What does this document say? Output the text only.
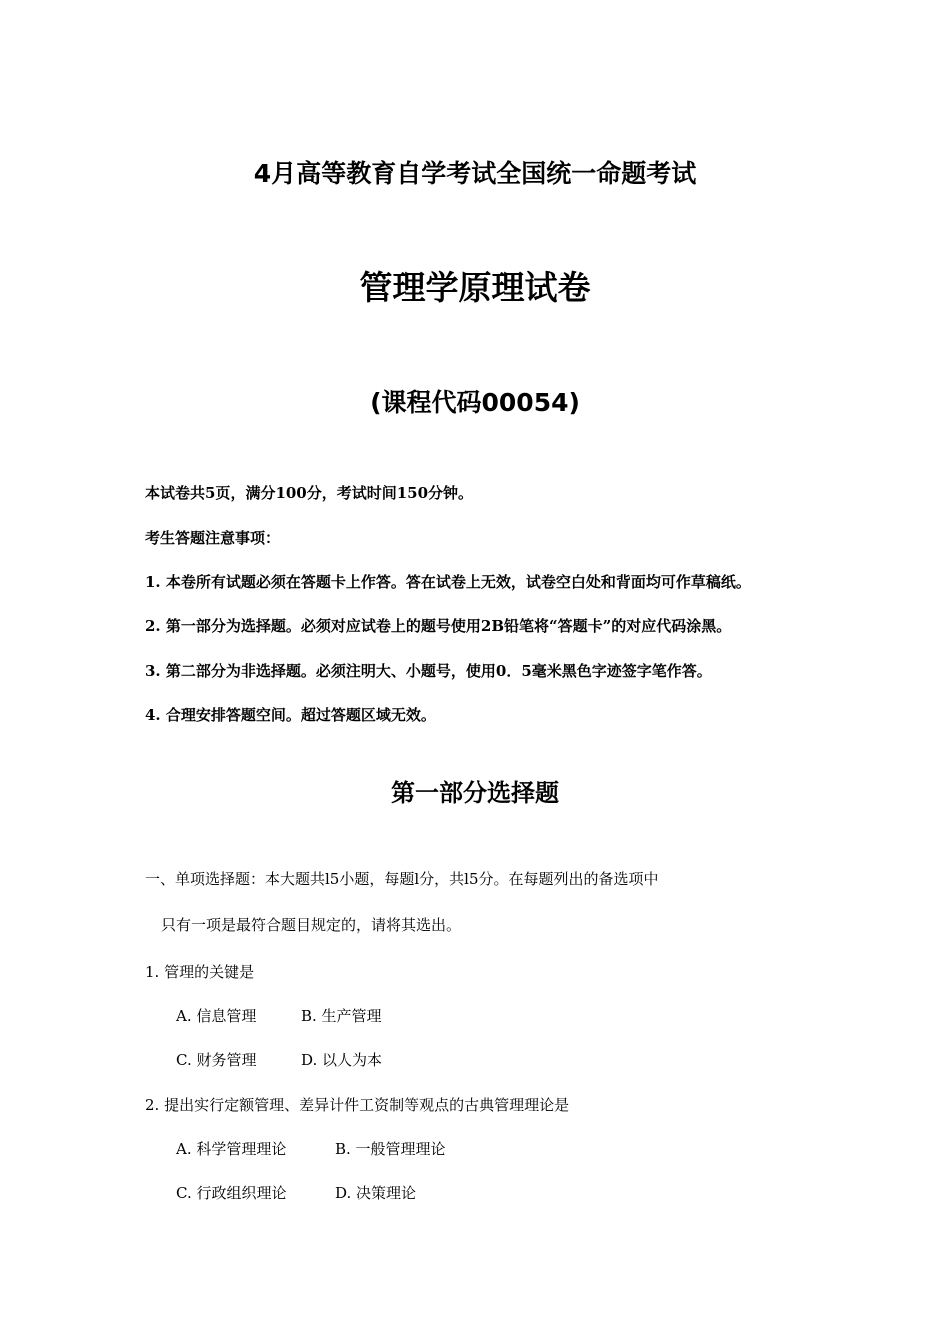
4月高等教育自学考试全国统一命题考试
管理学原理试卷
(课程代码00054)
本试卷共5页，满分100分，考试时间150分钟。
考生答题注意事项：
1. 本卷所有试题必须在答题卡上作答。答在试卷上无效，试卷空白处和背面均可作草稿纸。
2. 第一部分为选择题。必须对应试卷上的题号使用2B铅笔将“答题卡”的对应代码涂黑。
3. 第二部分为非选择题。必须注明大、小题号，使用0．5毫米黑色字迹签字笔作答。
4. 合理安排答题空间。超过答题区域无效。
第一部分选择题
一、单项选择题：本大题共l5小题，每题l分，共l5分。在每题列出的备选项中
只有一项是最符合题目规定的，请将其选出。
1. 管理的关键是
A. 信息管理	B. 生产管理
C. 财务管理	D. 以人为本
2. 提出实行定额管理、差异计件工资制等观点的古典管理理论是
A. 科学管理理论	B. 一般管理理论
C. 行政组织理论	D. 决策理论
